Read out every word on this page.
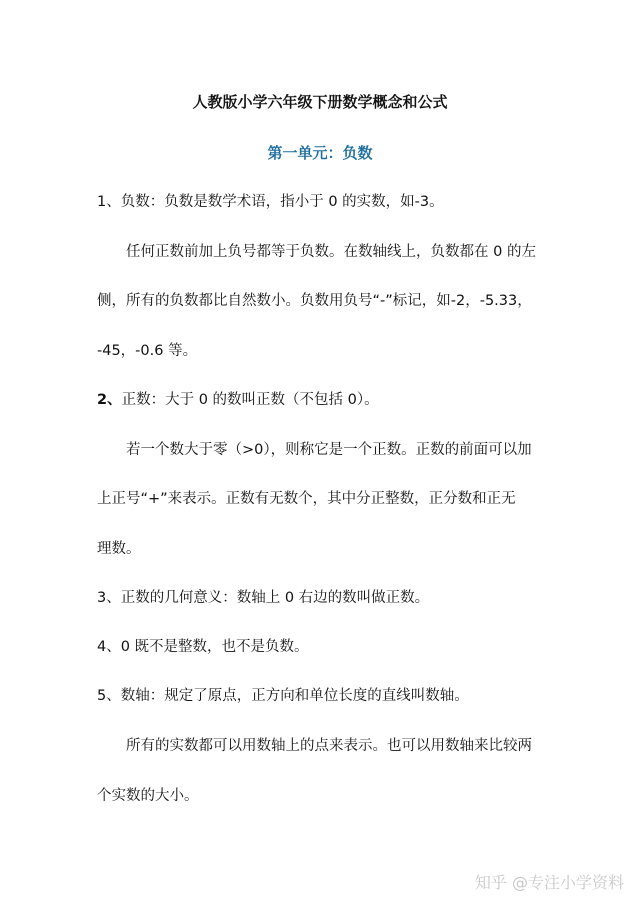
人教版小学六年级下册数学概念和公式
第一单元：负数
1、负数：负数是数学术语，指小于 0 的实数，如-3。
任何正数前加上负号都等于负数。在数轴线上，负数都在 0 的左
侧，所有的负数都比自然数小。负数用负号“-”标记，如-2，-5.33，
-45，-0.6 等。
2、正数：大于 0 的数叫正数（不包括 0）。
若一个数大于零（>0），则称它是一个正数。正数的前面可以加
上正号“+”来表示。正数有无数个，其中分正整数，正分数和正无
理数。
3、正数的几何意义：数轴上 0 右边的数叫做正数。
4、0 既不是整数，也不是负数。
5、数轴：规定了原点，正方向和单位长度的直线叫数轴。
所有的实数都可以用数轴上的点来表示。也可以用数轴来比较两
个实数的大小。
知乎 @专注小学资料
